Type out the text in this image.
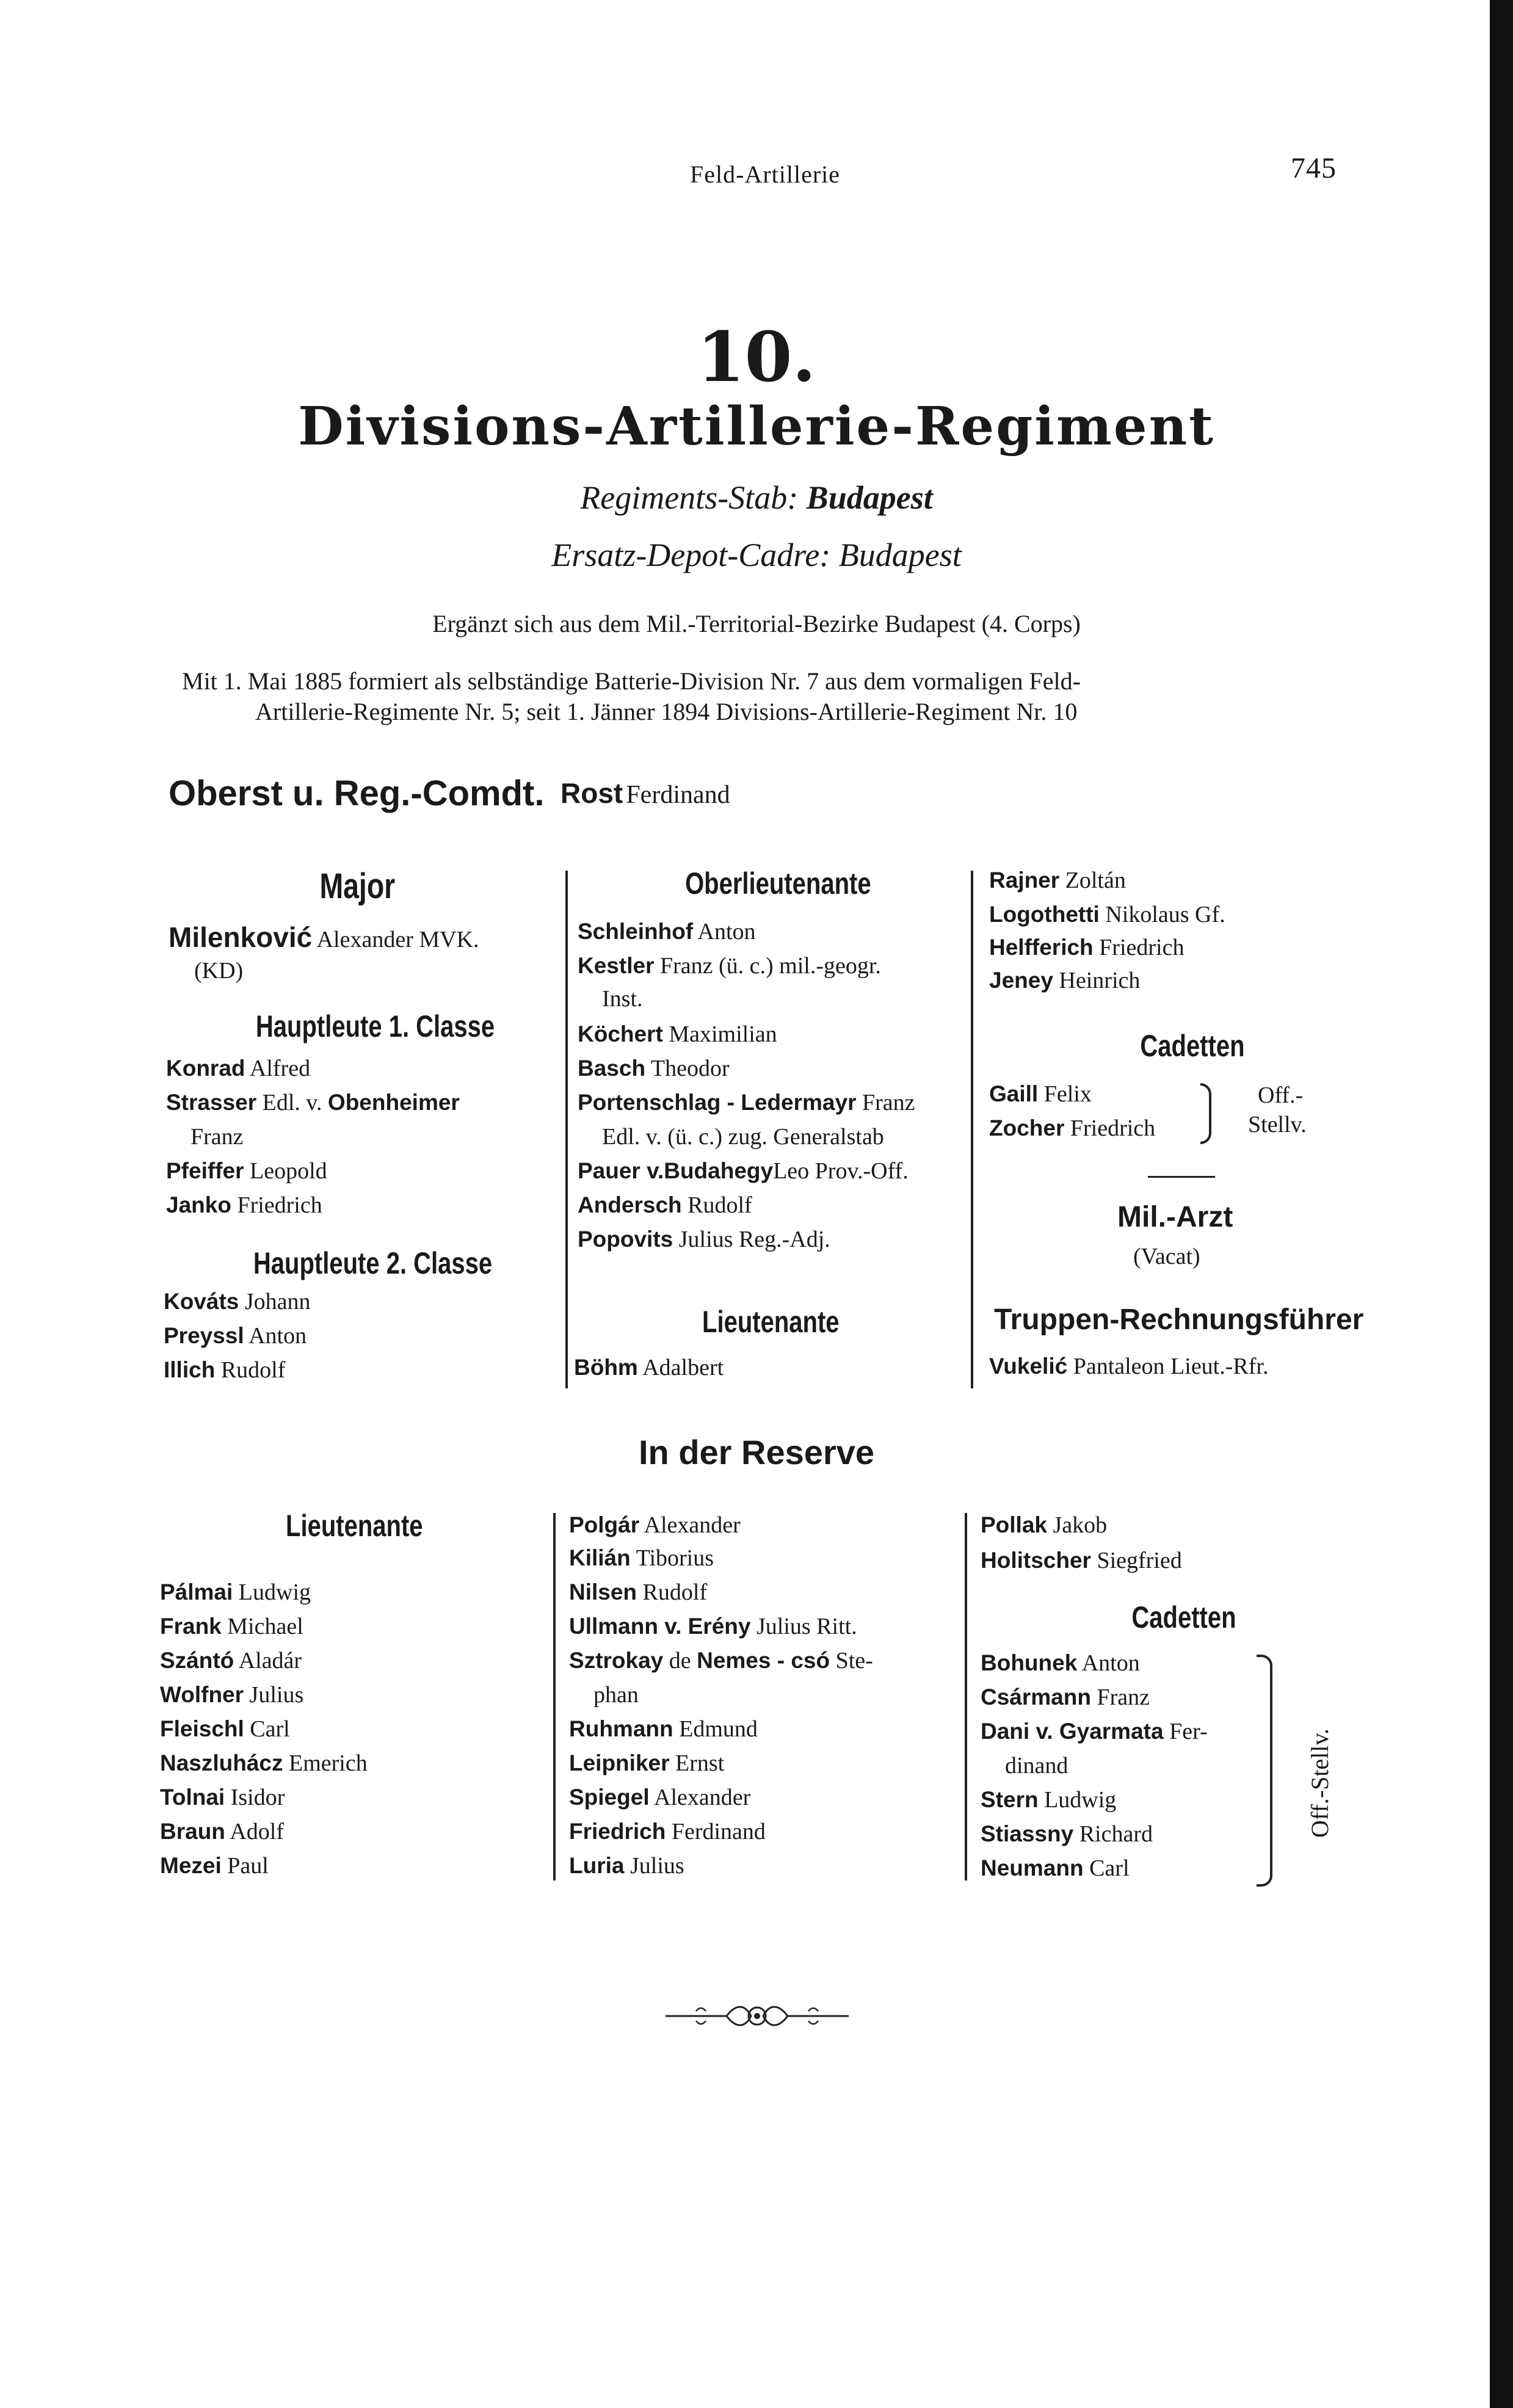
Feld-Artillerie	745
10.
Divisions-Artillerie-Regiment
Regiments-Stab: Budapest
Ersatz-Depot-Cadre: Budapest
Ergänzt sich aus dem Mil.-Territorial-Bezirke Budapest (4. Corps)
Mit 1. Mai 1885 formiert als selbständige Batterie-Division Nr. 7 aus dem vormaligen Feld-
Artillerie-Regimente Nr. 5; seit 1. Jänner 1894 Divisions-Artillerie-Regiment Nr. 10
Oberst u. Reg.-Comdt. Rost Ferdinand
Major
Milenković Alexander MVK.
(KD)
Hauptleute 1. Classe
Konrad Alfred
Strasser Edl. v. Obenheimer
Franz
Pfeiffer Leopold
Janko Friedrich
Hauptleute 2. Classe
Kováts Johann
Preyssl Anton
Illich Rudolf
Oberlieutenante
Schleinhof Anton
Kestler Franz (ü. c.) mil.-geogr.
Inst.
Köchert Maximilian
Basch Theodor
Portenschlag - Ledermayr Franz
Edl. v. (ü. c.) zug. Generalstab
Pauer v.BudahegyLeo Prov.-Off.
Andersch Rudolf
Popovits Julius Reg.-Adj.
Lieutenante
Böhm Adalbert
Rajner Zoltán
Logothetti Nikolaus Gf.
Helfferich Friedrich
Jeney Heinrich
Cadetten
Gaill Felix
Zocher Friedrich
Off.-
Stellv.
Mil.-Arzt
(Vacat)
Truppen-Rechnungsführer
Vukelić Pantaleon Lieut.-Rfr.
In der Reserve
Lieutenante
Pálmai Ludwig
Frank Michael
Szántó Aladár
Wolfner Julius
Fleischl Carl
Naszluhácz Emerich
Tolnai Isidor
Braun Adolf
Mezei Paul
Polgár Alexander
Kilián Tiborius
Nilsen Rudolf
Ullmann v. Erény Julius Ritt.
Sztrokay de Nemes - csó Ste-
phan
Ruhmann Edmund
Leipniker Ernst
Spiegel Alexander
Friedrich Ferdinand
Luria Julius
Pollak Jakob
Holitscher Siegfried
Cadetten
Bohunek Anton
Csármann Franz
Dani v. Gyarmata Fer-
dinand
Stern Ludwig
Stiassny Richard
Neumann Carl
Off.-Stellv.
